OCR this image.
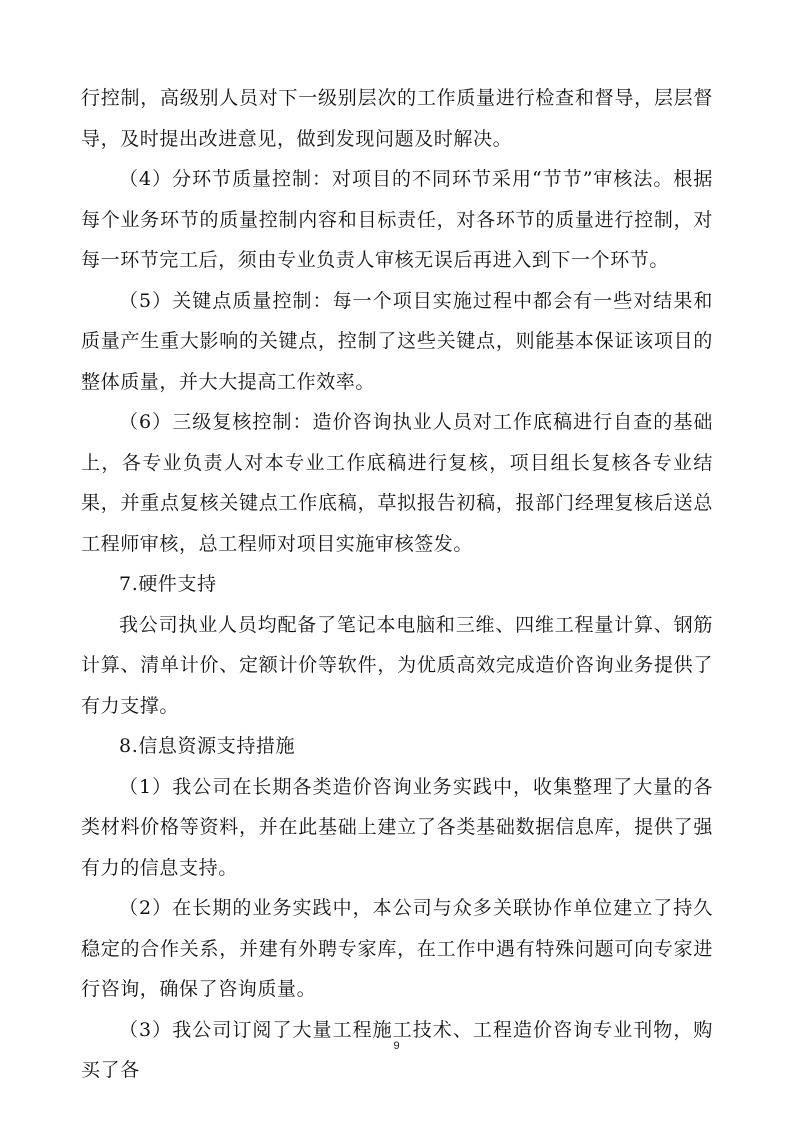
行控制，高级别人员对下一级别层次的工作质量进行检查和督导，层层督导，及时提出改进意见，做到发现问题及时解决。

（4）分环节质量控制：对项目的不同环节采用“节节”审核法。根据每个业务环节的质量控制内容和目标责任，对各环节的质量进行控制，对每一环节完工后，须由专业负责人审核无误后再进入到下一个环节。

（5）关键点质量控制：每一个项目实施过程中都会有一些对结果和质量产生重大影响的关键点，控制了这些关键点，则能基本保证该项目的整体质量，并大大提高工作效率。

（6）三级复核控制：造价咨询执业人员对工作底稿进行自查的基础上，各专业负责人对本专业工作底稿进行复核，项目组长复核各专业结果，并重点复核关键点工作底稿，草拟报告初稿，报部门经理复核后送总工程师审核，总工程师对项目实施审核签发。

7.硬件支持

我公司执业人员均配备了笔记本电脑和三维、四维工程量计算、钢筋计算、清单计价、定额计价等软件，为优质高效完成造价咨询业务提供了有力支撑。

8.信息资源支持措施

（1）我公司在长期各类造价咨询业务实践中，收集整理了大量的各类材料价格等资料，并在此基础上建立了各类基础数据信息库，提供了强有力的信息支持。

（2）在长期的业务实践中，本公司与众多关联协作单位建立了持久稳定的合作关系，并建有外聘专家库，在工作中遇有特殊问题可向专家进行咨询，确保了咨询质量。

（3）我公司订阅了大量工程施工技术、工程造价咨询专业刊物，购买了各

9
